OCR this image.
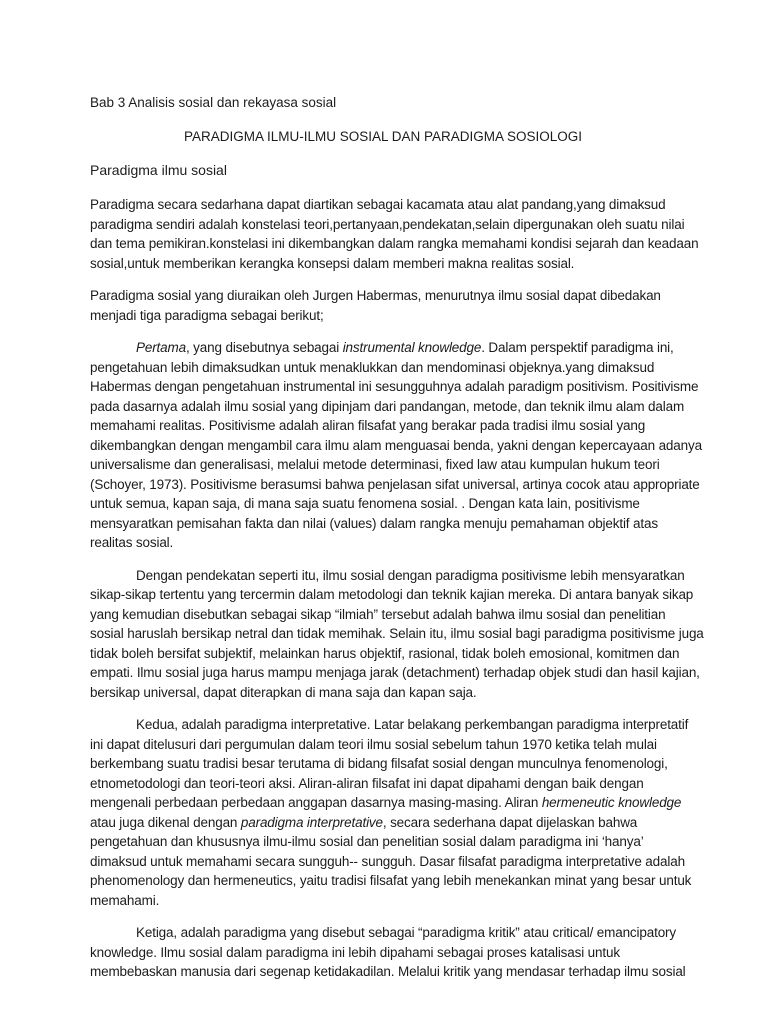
Bab 3 Analisis sosial dan rekayasa sosial
PARADIGMA ILMU-ILMU SOSIAL DAN PARADIGMA SOSIOLOGI
Paradigma ilmu sosial
Paradigma secara sedarhana dapat diartikan sebagai kacamata atau alat pandang,yang dimaksud
paradigma sendiri adalah konstelasi teori,pertanyaan,pendekatan,selain dipergunakan oleh suatu nilai
dan tema pemikiran.konstelasi ini dikembangkan dalam rangka memahami kondisi sejarah dan keadaan
sosial,untuk memberikan kerangka konsepsi dalam memberi makna realitas sosial.
Paradigma sosial yang diuraikan oleh Jurgen Habermas, menurutnya ilmu sosial dapat dibedakan
menjadi tiga paradigma sebagai berikut;
Pertama, yang disebutnya sebagai instrumental knowledge. Dalam perspektif paradigma ini,
pengetahuan lebih dimaksudkan untuk menaklukkan dan mendominasi objeknya.yang dimaksud
Habermas dengan pengetahuan instrumental ini sesungguhnya adalah paradigm positivism. Positivisme
pada dasarnya adalah ilmu sosial yang dipinjam dari pandangan, metode, dan teknik ilmu alam dalam
memahami realitas. Positivisme adalah aliran filsafat yang berakar pada tradisi ilmu sosial yang
dikembangkan dengan mengambil cara ilmu alam menguasai benda, yakni dengan kepercayaan adanya
universalisme dan generalisasi, melalui metode determinasi, fixed law atau kumpulan hukum teori
(Schoyer, 1973). Positivisme berasumsi bahwa penjelasan sifat universal, artinya cocok atau appropriate
untuk semua, kapan saja, di mana saja suatu fenomena sosial. . Dengan kata lain, positivisme
mensyaratkan pemisahan fakta dan nilai (values) dalam rangka menuju pemahaman objektif atas
realitas sosial.
Dengan pendekatan seperti itu, ilmu sosial dengan paradigma positivisme lebih mensyaratkan
sikap-sikap tertentu yang tercermin dalam metodologi dan teknik kajian mereka. Di antara banyak sikap
yang kemudian disebutkan sebagai sikap “ilmiah” tersebut adalah bahwa ilmu sosial dan penelitian
sosial haruslah bersikap netral dan tidak memihak. Selain itu, ilmu sosial bagi paradigma positivisme juga
tidak boleh bersifat subjektif, melainkan harus objektif, rasional, tidak boleh emosional, komitmen dan
empati. Ilmu sosial juga harus mampu menjaga jarak (detachment) terhadap objek studi dan hasil kajian,
bersikap universal, dapat diterapkan di mana saja dan kapan saja.
Kedua, adalah paradigma interpretative. Latar belakang perkembangan paradigma interpretatif
ini dapat ditelusuri dari pergumulan dalam teori ilmu sosial sebelum tahun 1970 ketika telah mulai
berkembang suatu tradisi besar terutama di bidang filsafat sosial dengan munculnya fenomenologi,
etnometodologi dan teori-teori aksi. Aliran-aliran filsafat ini dapat dipahami dengan baik dengan
mengenali perbedaan perbedaan anggapan dasarnya masing-masing. Aliran hermeneutic knowledge
atau juga dikenal dengan paradigma interpretative, secara sederhana dapat dijelaskan bahwa
pengetahuan dan khususnya ilmu-ilmu sosial dan penelitian sosial dalam paradigma ini ‘hanya’
dimaksud untuk memahami secara sungguh-- sungguh. Dasar filsafat paradigma interpretative adalah
phenomenology dan hermeneutics, yaitu tradisi filsafat yang lebih menekankan minat yang besar untuk
memahami.
Ketiga, adalah paradigma yang disebut sebagai “paradigma kritik” atau critical/ emancipatory
knowledge. Ilmu sosial dalam paradigma ini lebih dipahami sebagai proses katalisasi untuk
membebaskan manusia dari segenap ketidakadilan. Melalui kritik yang mendasar terhadap ilmu sosial
